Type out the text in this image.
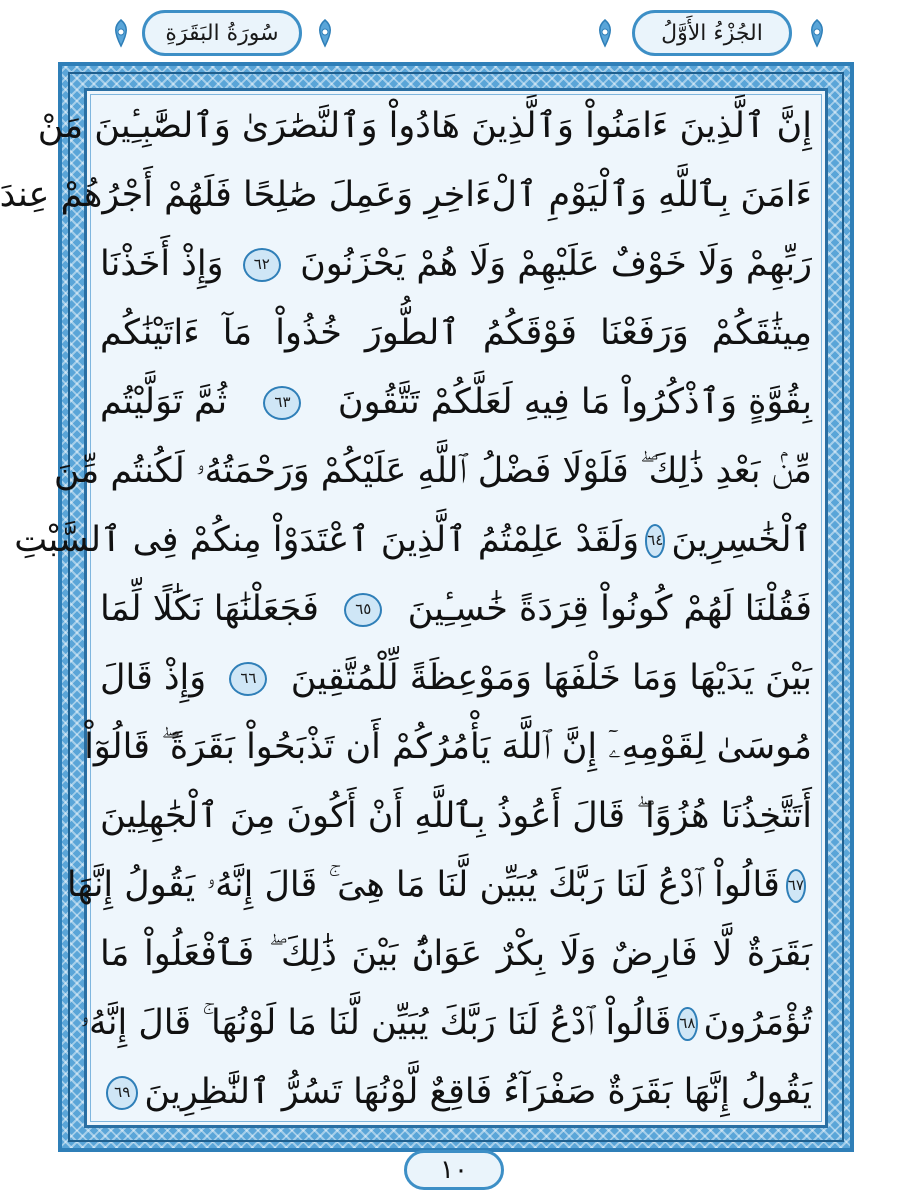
سُورَةُ البَقَرَةِ	الجُزْءُ الأَوَّلُ
إِنَّ ٱلَّذِينَ ءَامَنُواْ وَٱلَّذِينَ هَادُواْ وَٱلنَّصَٰرَىٰ وَٱلصَّٰبِـِٔينَ مَنْ
ءَامَنَ بِٱللَّهِ وَٱلْيَوْمِ ٱلْءَاخِرِ وَعَمِلَ صَٰلِحًا فَلَهُمْ أَجْرُهُمْ عِندَ
رَبِّهِمْ وَلَا خَوْفٌ عَلَيْهِمْ وَلَا هُمْ يَحْزَنُونَ
٦٢
وَإِذْ أَخَذْنَا
مِيثَٰقَكُمْ وَرَفَعْنَا فَوْقَكُمُ ٱلطُّورَ خُذُواْ مَآ ءَاتَيْنَٰكُم
بِقُوَّةٍ وَٱذْكُرُواْ مَا فِيهِ لَعَلَّكُمْ تَتَّقُونَ
٦٣
ثُمَّ تَوَلَّيْتُم
مِّنۢ بَعْدِ ذَٰلِكَ ۖ فَلَوْلَا فَضْلُ ٱللَّهِ عَلَيْكُمْ وَرَحْمَتُهُۥ لَكُنتُم مِّنَ
ٱلْخَٰسِرِينَ
٦٤
وَلَقَدْ عَلِمْتُمُ ٱلَّذِينَ ٱعْتَدَوْاْ مِنكُمْ فِى ٱلسَّبْتِ
فَقُلْنَا لَهُمْ كُونُواْ قِرَدَةً خَٰسِـِٔينَ
٦٥
فَجَعَلْنَٰهَا نَكَٰلًا لِّمَا
بَيْنَ يَدَيْهَا وَمَا خَلْفَهَا وَمَوْعِظَةً لِّلْمُتَّقِينَ
٦٦
وَإِذْ قَالَ
مُوسَىٰ لِقَوْمِهِۦٓ إِنَّ ٱللَّهَ يَأْمُرُكُمْ أَن تَذْبَحُواْ بَقَرَةً ۖ قَالُوٓاْ
أَتَتَّخِذُنَا هُزُوًا ۖ قَالَ أَعُوذُ بِٱللَّهِ أَنْ أَكُونَ مِنَ ٱلْجَٰهِلِينَ
٦٧
قَالُواْ ٱدْعُ لَنَا رَبَّكَ يُبَيِّن لَّنَا مَا هِىَ ۚ قَالَ إِنَّهُۥ يَقُولُ إِنَّهَا
بَقَرَةٌ لَّا فَارِضٌ وَلَا بِكْرٌ عَوَانٌۢ بَيْنَ ذَٰلِكَ ۖ فَٱفْعَلُواْ مَا
تُؤْمَرُونَ
٦٨
قَالُواْ ٱدْعُ لَنَا رَبَّكَ يُبَيِّن لَّنَا مَا لَوْنُهَا ۚ قَالَ إِنَّهُۥ
يَقُولُ إِنَّهَا بَقَرَةٌ صَفْرَآءُ فَاقِعٌ لَّوْنُهَا تَسُرُّ ٱلنَّٰظِرِينَ
٦٩
١٠
